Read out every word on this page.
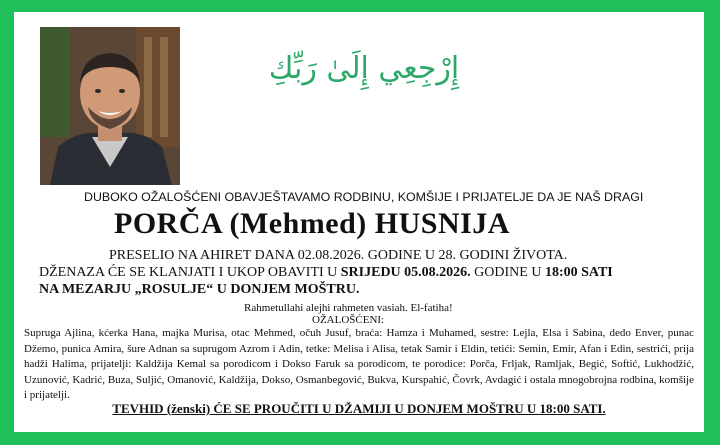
إِرْجِعِي إِلَىٰ رَبِّكِ
DUBOKO OŽALOŠĆENI OBAVJEŠTAVAMO RODBINU, KOMŠIJE I PRIJATELJE DA JE NAŠ DRAGI
PORČA (Mehmed) HUSNIJA
PRESELIO NA AHIRET DANA 02.08.2026. GODINE U 28. GODINI ŽIVOTA.
DŽENAZA ĆE SE KLANJATI I UKOP OBAVITI U SRIJEDU 05.08.2026. GODINE U 18:00 SATI
NA MEZARJU „ROSULJE“ U DONJEM MOŠTRU.
Rahmetullahi alejhi rahmeten vasiah. El-fatiha!
OŽALOŠĆENI:
Supruga Ajlina, kćerka Hana, majka Murisa, otac Mehmed, očuh Jusuf, braća: Hamza i Muhamed, sestre: Lejla, Elsa i Sabina, dedo Enver, punac Džemo, punica Amira, šure Adnan sa suprugom Azrom i Adin, tetke: Melisa i Alisa, tetak Samir i Eldin, tetići: Semin, Emir, Afan i Edin, sestrići, prija hadži Halima, prijatelji: Kaldžija Kemal sa porodicom i Dokso Faruk sa porodicom, te porodice: Porča, Frljak, Ramljak, Begić, Softić, Lukhodžić, Uzunović, Kadrić, Buza, Suljić, Omanović, Kaldžija, Dokso, Osmanbegović, Bukva, Kurspahić, Čovrk, Avdagić i ostala mnogobrojna rodbina, komšije i prijatelji.
TEVHID (ženski) ĆE SE PROUČITI U DŽAMIJI U DONJEM MOŠTRU U 18:00 SATI.
